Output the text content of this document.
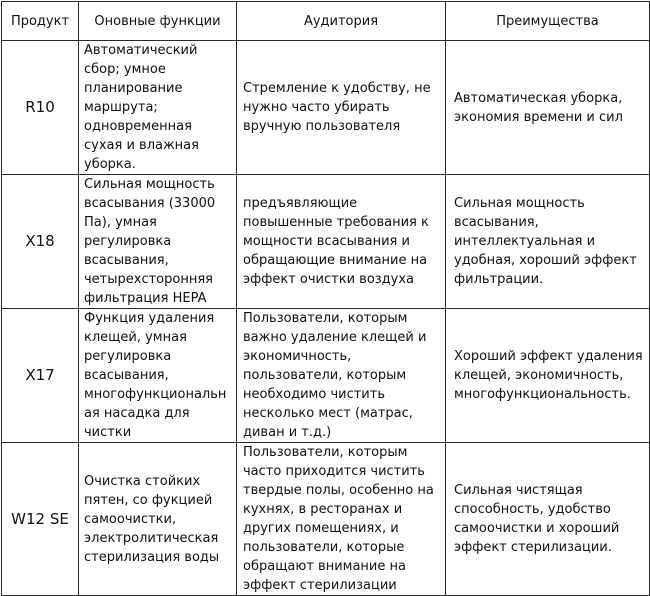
Продукт	Оновные функции	Аудитория	Преимущества
R10	Автоматический сбор; умное планирование маршрута; одновременная сухая и влажная уборка.	Стремление к удобству, не нужно часто убирать вручную пользователя	Автоматическая уборка, экономия времени и сил
X18	Сильная мощность всасывания (33000 Па), умная регулировка всасывания, четырехсторонняя фильтрация HEPA	предъявляющие повышенные требования к мощности всасывания и обращающие внимание на эффект очистки воздуха	Сильная мощность всасывания, интеллектуальная и удобная, хороший эффект фильтрации.
X17	Функция удаления клещей, умная регулировка всасывания, многофункциональная насадка для чистки	Пользователи, которым важно удаление клещей и экономичность, пользователи, которым необходимо чистить несколько мест (матрас, диван и т.д.)	Хороший эффект удаления клещей, экономичность, многофункциональность.
W12 SE	Очистка стойких пятен, со фукцией самоочистки, электролитическая стерилизация воды	Пользователи, которым часто приходится чистить твердые полы, особенно на кухнях, в ресторанах и других помещениях, и пользователи, которые обращают внимание на эффект стерилизации	Сильная чистящая способность, удобство самоочистки и хороший эффект стерилизации.
